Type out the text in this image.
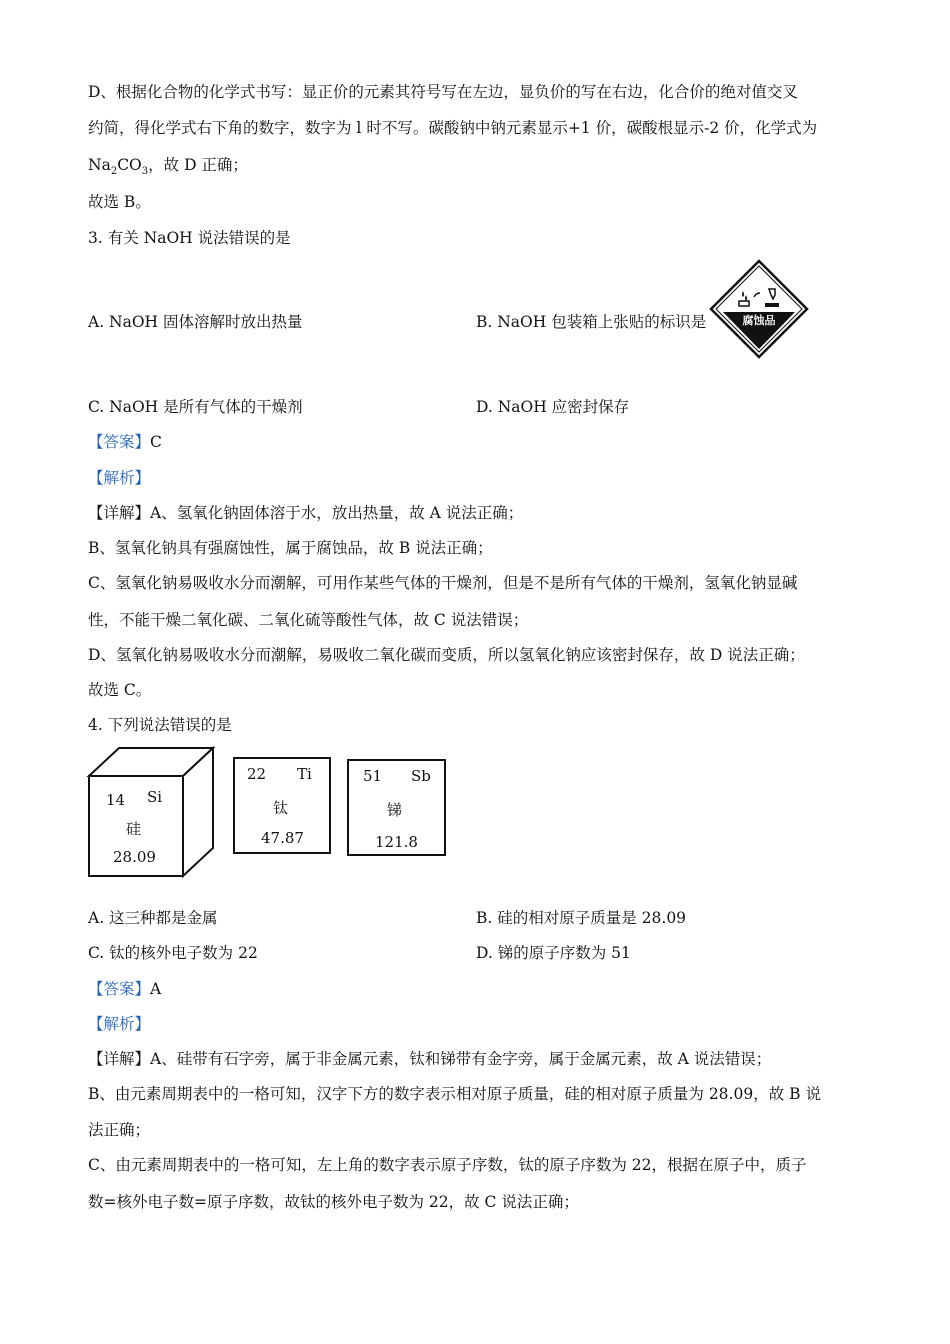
D、根据化合物的化学式书写：显正价的元素其符号写在左边，显负价的写在右边，化合价的绝对值交叉
约简，得化学式右下角的数字，数字为 l 时不写。碳酸钠中钠元素显示+1 价，碳酸根显示-2 价，化学式为
$Na_2CO_3$，故 D 正确；
故选 B。
3. 有关 NaOH 说法错误的是
A. NaOH 固体溶解时放出热量	B. NaOH 包装箱上张贴的标识是	腐蚀品
C. NaOH 是所有气体的干燥剂	D. NaOH 应密封保存
【答案】C
【解析】
【详解】A、氢氧化钠固体溶于水，放出热量，故 A 说法正确；
B、氢氧化钠具有强腐蚀性，属于腐蚀品，故 B 说法正确；
C、氢氧化钠易吸收水分而潮解，可用作某些气体的干燥剂，但是不是所有气体的干燥剂，氢氧化钠显碱
性，不能干燥二氧化碳、二氧化硫等酸性气体，故 C 说法错误；
D、氢氧化钠易吸收水分而潮解，易吸收二氧化碳而变质，所以氢氧化钠应该密封保存，故 D 说法正确；
故选 C。
4. 下列说法错误的是
14 Si
硅
28.09
22 Ti
钛
47.87
51 Sb
锑
121.8
A. 这三种都是金属	B. 硅的相对原子质量是 28.09
C. 钛的核外电子数为 22	D. 锑的原子序数为 51
【答案】A
【解析】
【详解】A、硅带有石字旁，属于非金属元素，钛和锑带有金字旁，属于金属元素，故 A 说法错误；
B、由元素周期表中的一格可知，汉字下方的数字表示相对原子质量，硅的相对原子质量为 28.09，故 B 说
法正确；
C、由元素周期表中的一格可知，左上角的数字表示原子序数，钛的原子序数为 22，根据在原子中，质子
数=核外电子数=原子序数，故钛的核外电子数为 22，故 C 说法正确；
